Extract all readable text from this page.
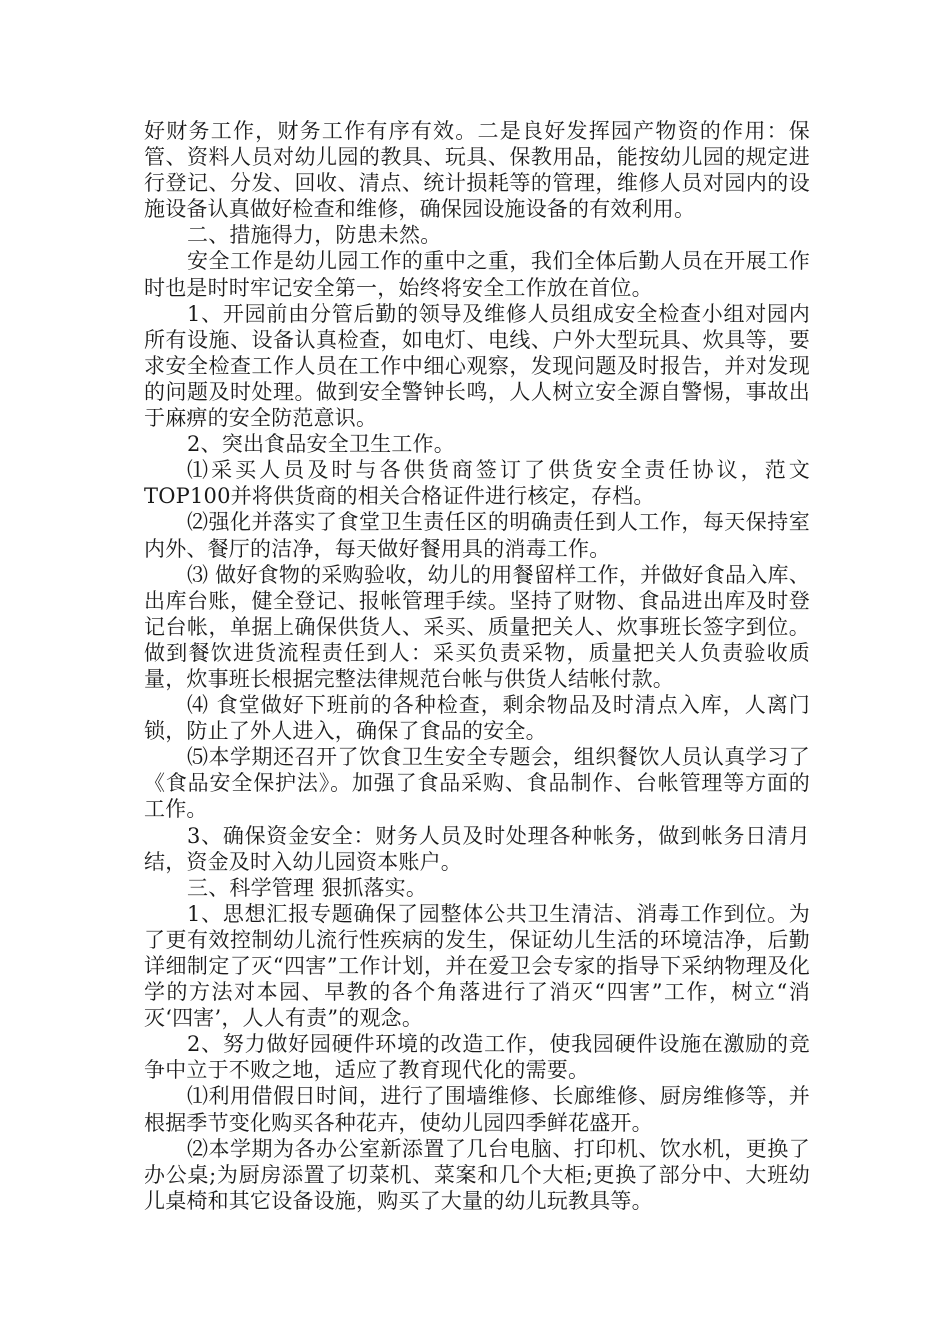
好财务工作，财务工作有序有效。二是良好发挥园产物资的作用：保管、资料人员对幼儿园的教具、玩具、保教用品，能按幼儿园的规定进行登记、分发、回收、清点、统计损耗等的管理，维修人员对园内的设施设备认真做好检查和维修，确保园设施设备的有效利用。

二、措施得力，防患未然。

安全工作是幼儿园工作的重中之重，我们全体后勤人员在开展工作时也是时时牢记安全第一，始终将安全工作放在首位。

1、开园前由分管后勤的领导及维修人员组成安全检查小组对园内所有设施、设备认真检查，如电灯、电线、户外大型玩具、炊具等，要求安全检查工作人员在工作中细心观察，发现问题及时报告，并对发现的问题及时处理。做到安全警钟长鸣，人人树立安全源自警惕，事故出于麻痹的安全防范意识。

2、突出食品安全卫生工作。

⑴采买人员及时与各供货商签订了供货安全责任协议，范文TOP100并将供货商的相关合格证件进行核定，存档。

⑵强化并落实了食堂卫生责任区的明确责任到人工作，每天保持室内外、餐厅的洁净，每天做好餐用具的消毒工作。

⑶ 做好食物的采购验收，幼儿的用餐留样工作，并做好食品入库、出库台账，健全登记、报帐管理手续。坚持了财物、食品进出库及时登记台帐，单据上确保供货人、采买、质量把关人、炊事班长签字到位。做到餐饮进货流程责任到人：采买负责采物，质量把关人负责验收质量，炊事班长根据完整法律规范台帐与供货人结帐付款。

⑷ 食堂做好下班前的各种检查，剩余物品及时清点入库，人离门锁，防止了外人进入，确保了食品的安全。

⑸本学期还召开了饮食卫生安全专题会，组织餐饮人员认真学习了《食品安全保护法》。加强了食品采购、食品制作、台帐管理等方面的工作。

3、确保资金安全：财务人员及时处理各种帐务，做到帐务日清月结，资金及时入幼儿园资本账户。

三、科学管理 狠抓落实。

1、思想汇报专题确保了园整体公共卫生清洁、消毒工作到位。为了更有效控制幼儿流行性疾病的发生，保证幼儿生活的环境洁净，后勤详细制定了灭“四害”工作计划，并在爱卫会专家的指导下采纳物理及化学的方法对本园、早教的各个角落进行了消灭“四害”工作，树立“消灭‘四害’，人人有责”的观念。

2、努力做好园硬件环境的改造工作，使我园硬件设施在激励的竞争中立于不败之地，适应了教育现代化的需要。

⑴利用借假日时间，进行了围墙维修、长廊维修、厨房维修等，并根据季节变化购买各种花卉，使幼儿园四季鲜花盛开。

⑵本学期为各办公室新添置了几台电脑、打印机、饮水机，更换了办公桌;为厨房添置了切菜机、菜案和几个大柜;更换了部分中、大班幼儿桌椅和其它设备设施，购买了大量的幼儿玩教具等。
